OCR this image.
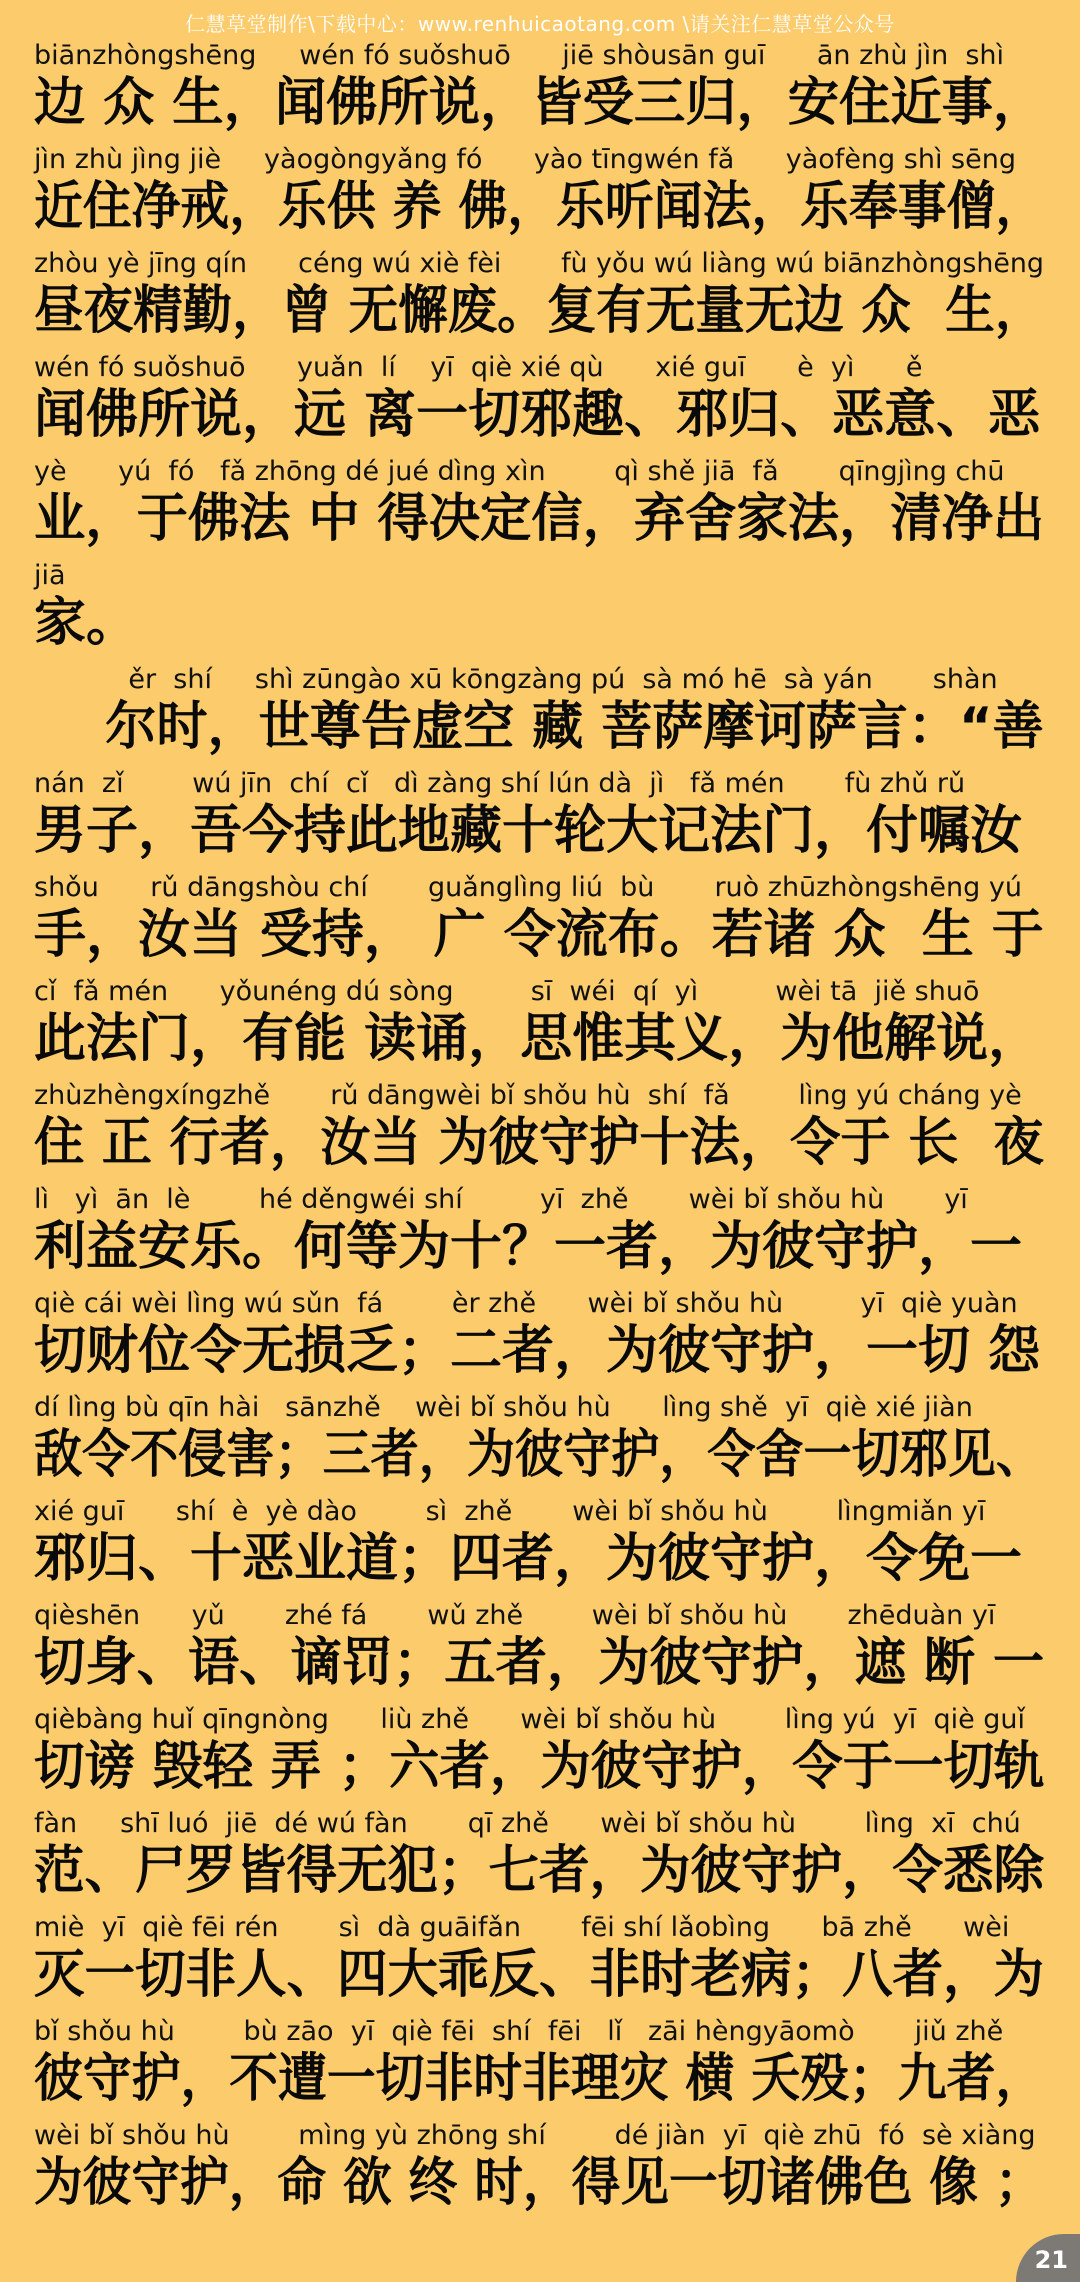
仁慧草堂制作\下载中心：www.renhuicaotang.com \请关注仁慧草堂公众号
biānzhòngshēng     wén fó suǒshuō      jiē shòusān guī      ān zhù jìn  shì
边 众 生，闻佛所说，皆受三归，安住近事，
jìn zhù jìng jiè     yàogòngyǎng fó      yào tīngwén fǎ      yàofèng shì sēng
近住净戒，乐供 养 佛，乐听闻法，乐奉事僧，
zhòu yè jīng qín      céng wú xiè fèi       fù yǒu wú liàng wú biānzhòngshēng
昼夜精勤，曾 无懈废。复有无量无边 众  生，
wén fó suǒshuō      yuǎn  lí    yī  qiè xié qù      xié guī      è  yì      ě
闻佛所说，远 离一切邪趣、邪归、恶意、恶
yè      yú  fó   fǎ zhōng dé jué dìng xìn        qì shě jiā  fǎ       qīngjìng chū
业，于佛法 中 得决定信，弃舍家法，清净出
jiā
家。
ěr  shí     shì zūngào xū kōngzàng pú  sà mó hē  sà yán       shàn
尔时，世尊告虚空 藏 菩萨摩诃萨言：“善
nán  zǐ        wú jīn  chí  cǐ   dì zàng shí lún dà  jì   fǎ mén       fù zhǔ rǔ
男子，吾今持此地藏十轮大记法门，付嘱汝
shǒu      rǔ dāngshòu chí       guǎnglìng liú  bù       ruò zhūzhòngshēng yú
手，汝当 受持， 广 令流布。若诸 众  生 于
cǐ  fǎ mén      yǒunéng dú sòng         sī  wéi  qí  yì         wèi tā  jiě shuō
此法门，有能 读诵，思惟其义，为他解说，
zhùzhèngxíngzhě       rǔ dāngwèi bǐ shǒu hù  shí  fǎ        lìng yú cháng yè
住 正 行者，汝当 为彼守护十法，令于 长  夜
lì   yì  ān  lè        hé děngwéi shí         yī  zhě       wèi bǐ shǒu hù       yī
利益安乐。何等为十？一者，为彼守护，一
qiè cái wèi lìng wú sǔn  fá        èr zhě      wèi bǐ shǒu hù         yī  qiè yuàn
切财位令无损乏；二者，为彼守护，一切 怨
dí lìng bù qīn hài   sānzhě    wèi bǐ shǒu hù      lìng shě  yī  qiè xié jiàn
敌令不侵害；三者，为彼守护，令舍一切邪见、
xié guī      shí  è  yè dào        sì  zhě       wèi bǐ shǒu hù        lìngmiǎn yī
邪归、十恶业道；四者，为彼守护，令免一
qièshēn      yǔ       zhé fá       wǔ zhě        wèi bǐ shǒu hù       zhēduàn yī
切身、语、谪罚；五者，为彼守护，遮 断 一
qièbàng huǐ qīngnòng      liù zhě      wèi bǐ shǒu hù        lìng yú  yī  qiè guǐ
切谤 毁轻 弄 ；六者，为彼守护，令于一切轨
fàn     shī luó  jiē  dé wú fàn       qī zhě      wèi bǐ shǒu hù        lìng  xī  chú
范、尸罗皆得无犯；七者，为彼守护，令悉除
miè  yī  qiè fēi rén       sì  dà guāifǎn       fēi shí lǎobìng      bā zhě      wèi
灭一切非人、四大乖反、非时老病；八者，为
bǐ shǒu hù        bù zāo  yī  qiè fēi  shí  fēi   lǐ   zāi hèngyāomò       jiǔ zhě
彼守护，不遭一切非时非理灾 横 夭殁；九者，
wèi bǐ shǒu hù        mìng yù zhōng shí        dé jiàn  yī  qiè zhū  fó  sè xiàng
为彼守护，命 欲 终 时，得见一切诸佛色 像 ；
21
